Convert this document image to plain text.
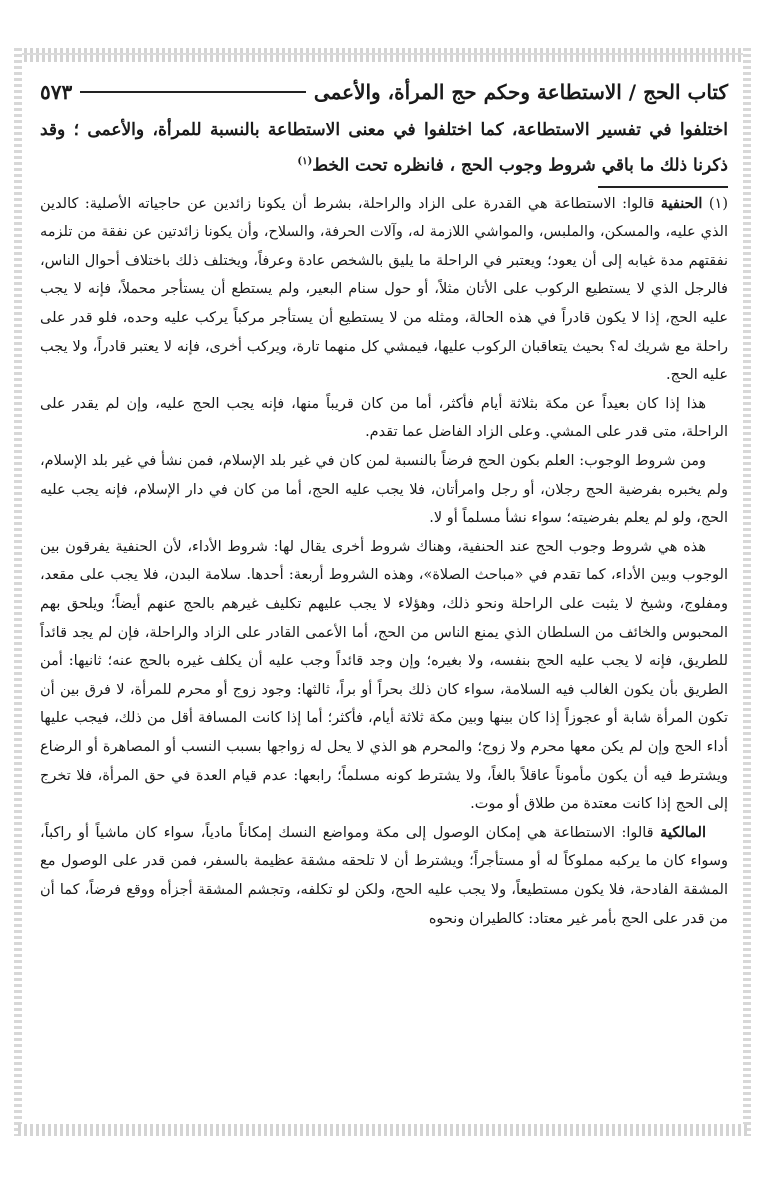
كتاب الحج / الاستطاعة وحكم حج المرأة، والأعمى
٥٧٣
اختلفوا في تفسير الاستطاعة، كما اختلفوا في معنى الاستطاعة بالنسبة للمرأة، والأعمى ؛ وقد ذكرنا ذلك ما باقي شروط وجوب الحج ، فانظره تحت الخط$^{(١)}$

(١) الحنفية قالوا: الاستطاعة هي القدرة على الزاد والراحلة، بشرط أن يكونا زائدين عن حاجياته الأصلية: كالدين الذي عليه، والمسكن، والملبس، والمواشي اللازمة له، وآلات الحرفة، والسلاح، وأن يكونا زائدتين عن نفقة من تلزمه نفقتهم مدة غيابه إلى أن يعود؛ ويعتبر في الراحلة ما يليق بالشخص عادة وعرفاً، ويختلف ذلك باختلاف أحوال الناس، فالرجل الذي لا يستطيع الركوب على الأتان مثلاً، أو حول سنام البعير، ولم يستطع أن يستأجر محملاً، فإنه لا يجب عليه الحج، إذا لا يكون قادراً في هذه الحالة، ومثله من لا يستطيع أن يستأجر مركباً يركب عليه وحده، فلو قدر على راحلة مع شريك له؟ بحيث يتعاقبان الركوب عليها، فيمشي كل منهما تارة، ويركب أخرى، فإنه لا يعتبر قادراً، ولا يجب عليه الحج.

هذا إذا كان بعيداً عن مكة بثلاثة أيام فأكثر، أما من كان قريباً منها، فإنه يجب الحج عليه، وإن لم يقدر على الراحلة، متى قدر على المشي. وعلى الزاد الفاضل عما تقدم.

ومن شروط الوجوب: العلم بكون الحج فرضاً بالنسبة لمن كان في غير بلد الإسلام، فمن نشأ في غير بلد الإسلام، ولم يخبره بفرضية الحج رجلان، أو رجل وامرأتان، فلا يجب عليه الحج، أما من كان في دار الإسلام، فإنه يجب عليه الحج، ولو لم يعلم بفرضيته؛ سواء نشأ مسلماً أو لا.

هذه هي شروط وجوب الحج عند الحنفية، وهناك شروط أخرى يقال لها: شروط الأداء، لأن الحنفية يفرقون بين الوجوب وبين الأداء، كما تقدم في «مباحث الصلاة»، وهذه الشروط أربعة: أحدها. سلامة البدن، فلا يجب على مقعد، ومفلوج، وشيخ لا يثبت على الراحلة ونحو ذلك، وهؤلاء لا يجب عليهم تكليف غيرهم بالحج عنهم أيضاً؛ ويلحق بهم المحبوس والخائف من السلطان الذي يمنع الناس من الحج، أما الأعمى القادر على الزاد والراحلة، فإن لم يجد قائداً للطريق، فإنه لا يجب عليه الحج بنفسه، ولا بغيره؛ وإن وجد قائداً وجب عليه أن يكلف غيره بالحج عنه؛ ثانيها: أمن الطريق بأن يكون الغالب فيه السلامة، سواء كان ذلك بحراً أو براً، ثالثها: وجود زوج أو محرم للمرأة، لا فرق بين أن تكون المرأة شابة أو عجوزاً إذا كان بينها وبين مكة ثلاثة أيام، فأكثر؛ أما إذا كانت المسافة أقل من ذلك، فيجب عليها أداء الحج وإن لم يكن معها محرم ولا زوج؛ والمحرم هو الذي لا يحل له زواجها بسبب النسب أو المصاهرة أو الرضاع ويشترط فيه أن يكون مأموناً عاقلاً بالغاً، ولا يشترط كونه مسلماً؛ رابعها: عدم قيام العدة في حق المرأة، فلا تخرج إلى الحج إذا كانت معتدة من طلاق أو موت.

المالكية قالوا: الاستطاعة هي إمكان الوصول إلى مكة ومواضع النسك إمكاناً مادياً، سواء كان ماشياً أو راكباً، وسواء كان ما يركبه مملوكاً له أو مستأجراً؛ ويشترط أن لا تلحقه مشقة عظيمة بالسفر، فمن قدر على الوصول مع المشقة الفادحة، فلا يكون مستطيعاً، ولا يجب عليه الحج، ولكن لو تكلفه، وتجشم المشقة أجزأه ووقع فرضاً، كما أن من قدر على الحج بأمر غير معتاد: كالطيران ونحوه
